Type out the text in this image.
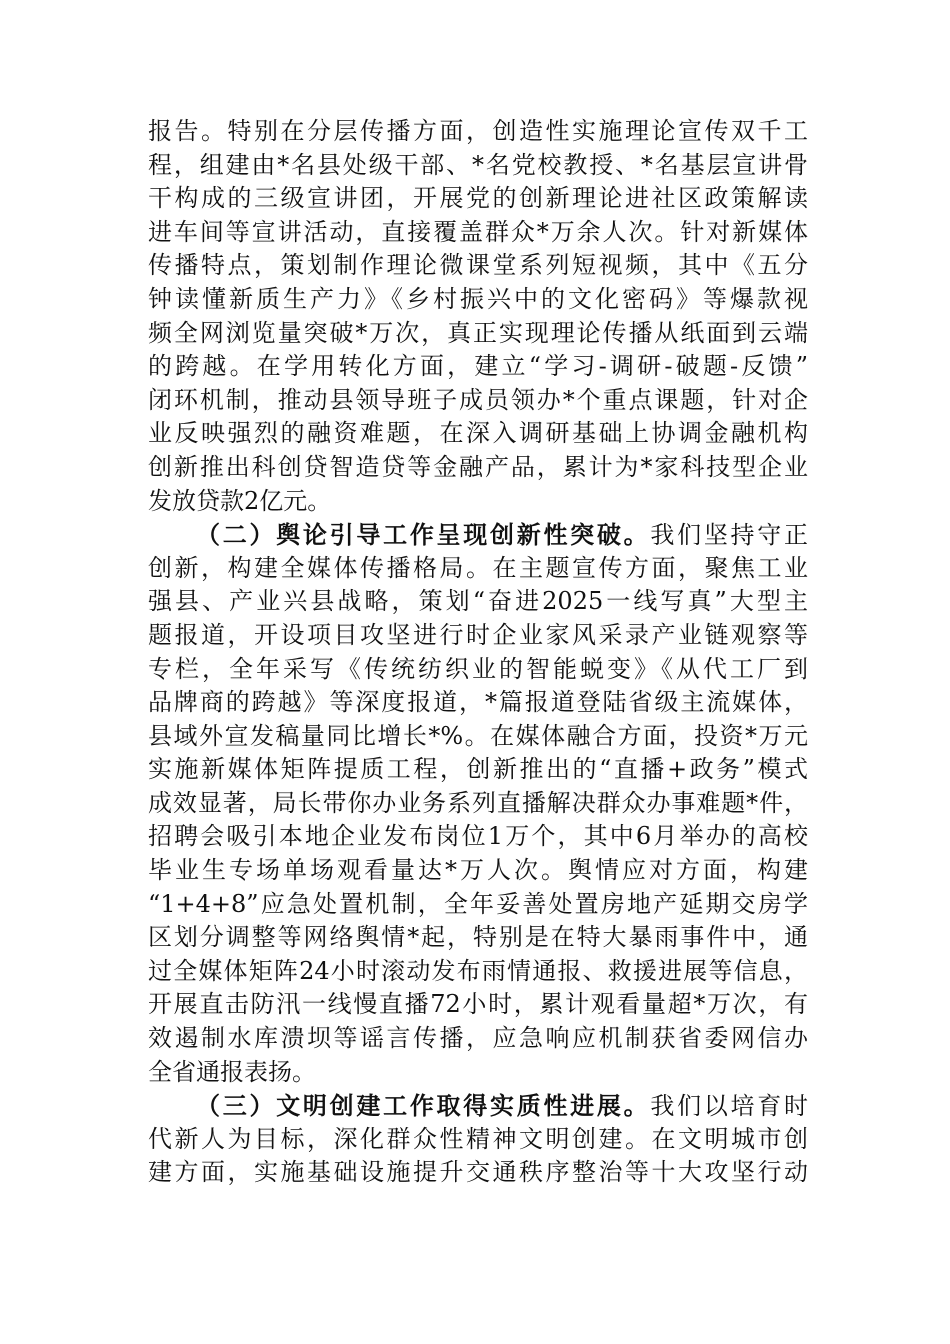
报告。特别在分层传播方面，创造性实施理论宣传双千工
程，组建由*名县处级干部、*名党校教授、*名基层宣讲骨
干构成的三级宣讲团，开展党的创新理论进社区政策解读
进车间等宣讲活动，直接覆盖群众*万余人次。针对新媒体
传播特点，策划制作理论微课堂系列短视频，其中《五分
钟读懂新质生产力》《乡村振兴中的文化密码》等爆款视
频全网浏览量突破*万次，真正实现理论传播从纸面到云端
的跨越。在学用转化方面，建立“学习-调研-破题-反馈”
闭环机制，推动县领导班子成员领办*个重点课题，针对企
业反映强烈的融资难题，在深入调研基础上协调金融机构
创新推出科创贷智造贷等金融产品，累计为*家科技型企业
发放贷款2亿元。
（二）舆论引导工作呈现创新性突破。我们坚持守正
创新，构建全媒体传播格局。在主题宣传方面，聚焦工业
强县、产业兴县战略，策划“奋进2025一线写真”大型主
题报道，开设项目攻坚进行时企业家风采录产业链观察等
专栏，全年采写《传统纺织业的智能蜕变》《从代工厂到
品牌商的跨越》等深度报道，*篇报道登陆省级主流媒体，
县域外宣发稿量同比增长*%。在媒体融合方面，投资*万元
实施新媒体矩阵提质工程，创新推出的“直播+政务”模式
成效显著，局长带你办业务系列直播解决群众办事难题*件，
招聘会吸引本地企业发布岗位1万个，其中6月举办的高校
毕业生专场单场观看量达*万人次。舆情应对方面，构建
“1+4+8”应急处置机制，全年妥善处置房地产延期交房学
区划分调整等网络舆情*起，特别是在特大暴雨事件中，通
过全媒体矩阵24小时滚动发布雨情通报、救援进展等信息，
开展直击防汛一线慢直播72小时，累计观看量超*万次，有
效遏制水库溃坝等谣言传播，应急响应机制获省委网信办
全省通报表扬。
（三）文明创建工作取得实质性进展。我们以培育时
代新人为目标，深化群众性精神文明创建。在文明城市创
建方面，实施基础设施提升交通秩序整治等十大攻坚行动
